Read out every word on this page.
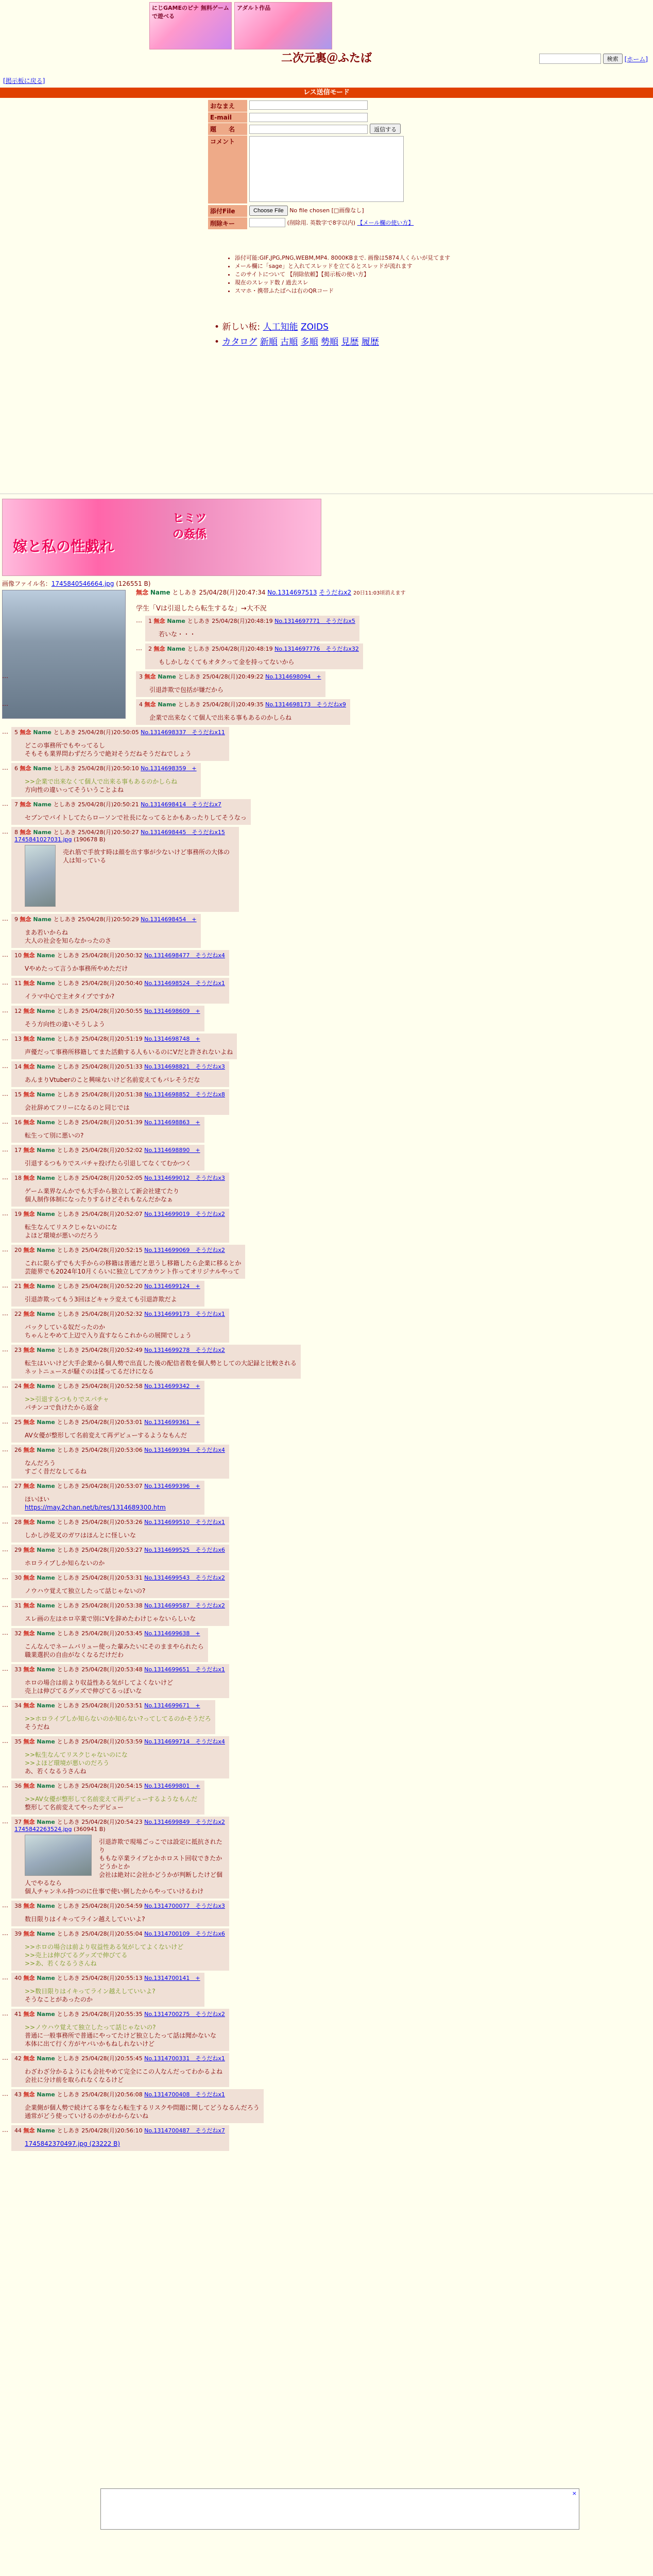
にじGAMEのピナ 無料ゲームで遊べる
アダルト作品
二次元裏＠ふたば	検索	[ホーム]
[掲示板に戻る]
レス送信モード
おなまえ
E-mail
題　　名	返信する
コメント
添付File	Choose File No file chosen [□画像なし]
削除キー	(削除用. 英数字で8字以内) 【メール欄の使い方】
• 添付可能:GIF,JPG,PNG,WEBM,MP4. 8000KBまで. 画像は5874人くらいが見てます
• メール欄に「sage」と入れてスレッドを立てるとスレッドが流れます
• このサイトについて 【削除依頼】【掲示板の使い方】
• 現在のスレッド数 / 過去スレ
• スマホ・携帯ふたばへは右のQRコード
• 新しい板: 人工知能 ZOIDS
• カタログ 新順 古順 多順 勢順 見歴 履歴
嫁と私の性戯れ
ヒミツの姦係
画像ファイル名：1745840546664.jpg (126551 B)
無念 Name としあき 25/04/28(月)20:47:34 No.1314697513 そうだねx2 20日11:03頃消えます
学生「Vは引退したら転生するな」→大不況
… 1 無念 Name としあき 25/04/28(月)20:48:19 No.1314697771　そうだねx5
若いな・・・
… 2 無念 Name としあき 25/04/28(月)20:48:19 No.1314697776　そうだねx32
もしかしなくてもオタクって金を持ってないから
…	3 無念 Name としあき 25/04/28(月)20:49:22 No.1314698094　+
引退詐欺で包括が嫌だから
…	4 無念 Name としあき 25/04/28(月)20:49:35 No.1314698173　そうだねx9
企業で出来なくて個人で出来る事もあるのかしらね
… 5 無念 Name としあき 25/04/28(月)20:50:05 No.1314698337　そうだねx11
どこの事務所でもやってるし
そもそも業界問わずだろうで絶対そうだねそうだねでしょう
… 6 無念 Name としあき 25/04/28(月)20:50:10 No.1314698359　+
>>企業で出来なくて個人で出来る事もあるのかしらね
方向性の違いってそういうことよね
… 7 無念 Name としあき 25/04/28(月)20:50:21 No.1314698414　そうだねx7
セブンでバイトしてたらローソンで社長になってるとかもあったりしてそうなっ
… 8 無念 Name としあき 25/04/28(月)20:50:27 No.1314698445　そうだねx15
1745841027031.jpg (190678 B)
売れ筋で手放す時は顔を出す事が少ないけど事務所の大体の人は知っている
… 9 無念 Name としあき 25/04/28(月)20:50:29 No.1314698454　+
まあ若いからね
大人の社会を知らなかったのさ
… 10 無念 Name としあき 25/04/28(月)20:50:32 No.1314698477　そうだねx4
Vやめたって言うか事務所やめただけ
… 11 無念 Name としあき 25/04/28(月)20:50:40 No.1314698524　そうだねx1
イラマ中心で主オタイプですか?
… 12 無念 Name としあき 25/04/28(月)20:50:55 No.1314698609　+
そう方向性の違いそうしよう
… 13 無念 Name としあき 25/04/28(月)20:51:19 No.1314698748　+
声優だって事務所移籍してまた活動する人もいるのにVだと許されないよね
… 14 無念 Name としあき 25/04/28(月)20:51:33 No.1314698821　そうだねx3
あんまりVtuberのこと興味ないけど名前変えてもバレそうだな
… 15 無念 Name としあき 25/04/28(月)20:51:38 No.1314698852　そうだねx8
会社辞めてフリーになるのと同じでは
… 16 無念 Name としあき 25/04/28(月)20:51:39 No.1314698863　+
転生って別に悪いの?
… 17 無念 Name としあき 25/04/28(月)20:52:02 No.1314698890　+
引退するつもりでスパチャ投げたら引退してなくてむかつく
… 18 無念 Name としあき 25/04/28(月)20:52:05 No.1314699012　そうだねx3
ゲーム業界なんかでも大手から独立して新会社建てたり
個人制作体制になったりするけどそれもなんだかなぁ
… 19 無念 Name としあき 25/04/28(月)20:52:07 No.1314699019　そうだねx2
転生なんてリスクじゃないのにな
よほど環境が悪いのだろう
… 20 無念 Name としあき 25/04/28(月)20:52:15 No.1314699069　そうだねx2
これに限らずでも大手からの移籍は普通だと思うし移籍したら企業に移るとか
芸能界でも2024年10月くらいに独立してアカウント作ってオリジナルやって
… 21 無念 Name としあき 25/04/28(月)20:52:20 No.1314699124　+
引退詐欺ってもう3回ほどキャラ変えても引退詐欺だよ
… 22 無念 Name としあき 25/04/28(月)20:52:32 No.1314699173　そうだねx1
バックしている奴だったのか
ちゃんとやめて上辺で入り直すならこれからの展開でしょう
… 23 無念 Name としあき 25/04/28(月)20:52:49 No.1314699278　そうだねx2
転生はいいけど大手企業から個人勢で出直した後の配信者数を個人勢としての大記録と比較される
ネットニュースが騒ぐのは揉ってるだけになる
… 24 無念 Name としあき 25/04/28(月)20:52:58 No.1314699342　+
>>引退するつもりでスパチャ
パチンコで負けたから返金
… 25 無念 Name としあき 25/04/28(月)20:53:01 No.1314699361　+
AV女優が整形して名前変えて再デビューするようなもんだ
… 26 無念 Name としあき 25/04/28(月)20:53:06 No.1314699394　そうだねx4
なんだろう
すごく昔だなしてるね
… 27 無念 Name としあき 25/04/28(月)20:53:07 No.1314699396　+
ほいほい
https://may.2chan.net/b/res/1314689300.htm
… 28 無念 Name としあき 25/04/28(月)20:53:26 No.1314699510　そうだねx1
しかし沙花叉のガワはほんとに怪しいな
… 29 無念 Name としあき 25/04/28(月)20:53:27 No.1314699525　そうだねx6
ホロライブしか知らないのか
… 30 無念 Name としあき 25/04/28(月)20:53:31 No.1314699543　そうだねx2
ノウハウ覚えて独立したって話じゃないの?
… 31 無念 Name としあき 25/04/28(月)20:53:38 No.1314699587　そうだねx2
スレ画の左はホロ卒業で別にVを辞めたわけじゃないらしいな
… 32 無念 Name としあき 25/04/28(月)20:53:45 No.1314699638　+
こんなんでネームバリュー使った輩みたいにそのままやられたら
職業選択の自由がなくなるだけだわ
… 33 無念 Name としあき 25/04/28(月)20:53:48 No.1314699651　そうだねx1
ホロの場合は前より収益性ある気がしてよくないけど
売上は伸びてるグッズで伸びてるっぽいな
… 34 無念 Name としあき 25/04/28(月)20:53:51 No.1314699671　+
>>ホロライブしか知らないのか知らない?ってしてるのかそうだろ
そうだね
… 35 無念 Name としあき 25/04/28(月)20:53:59 No.1314699714　そうだねx4
>>転生なんてリスクじゃないのにな
>>よほど環境が悪いのだろう
あ、若くなるうさんね
… 36 無念 Name としあき 25/04/28(月)20:54:15 No.1314699801　+
>>AV女優が整形して名前変えて再デビューするようなもんだ
整形して名前変えてやったデビュー
… 37 無念 Name としあき 25/04/28(月)20:54:23 No.1314699849　そうだねx2
1745842263524.jpg (360941 B)
引退詐欺で現場ごっこでは設定に抵抗されたり
ももな卒業ライブとかホロスト回収できたかどうかとか
会社は絶対に会社かどうかが判断したけど個人でやるなら
個人チャンネル持つのに仕事で使い倒したからやっていけるわけ
… 38 無念 Name としあき 25/04/28(月)20:54:59 No.1314700077　そうだねx3
数日限りはイキってライン越えしていいよ?
… 39 無念 Name としあき 25/04/28(月)20:55:04 No.1314700109　そうだねx6
>>ホロの場合は前より収益性ある気がしてよくないけど
>>売上は伸びてるグッズで伸びてる
>>あ、若くなるうさんね
… 40 無念 Name としあき 25/04/28(月)20:55:13 No.1314700141　+
>>数日限りはイキってライン越えしていいよ?
そうなことがあったのか
… 41 無念 Name としあき 25/04/28(月)20:55:35 No.1314700275　そうだねx2
>>ノウハウ覚えて独立したって話じゃないの?
普通に一般事務所で普通にやってたけど独立したって話は聞かないな
本体に出て行く方がヤバいかもねしれないけど
… 42 無念 Name としあき 25/04/28(月)20:55:45 No.1314700331　そうだねx1
わざわざ分かるようにも会社やめて完全にこの人なんだってわかるよね
会社に分け前を取られなくなるけど
… 43 無念 Name としあき 25/04/28(月)20:56:08 No.1314700408　そうだねx1
企業側が個人勢で続けてる事をなら転生するリスクや問題に関してどうなるんだろう
通常がどう使っていけるのかがわからないね
… 44 無念 Name としあき 25/04/28(月)20:56:10 No.1314700487　そうだねx7
1745842370497.jpg (23222 B)
×
